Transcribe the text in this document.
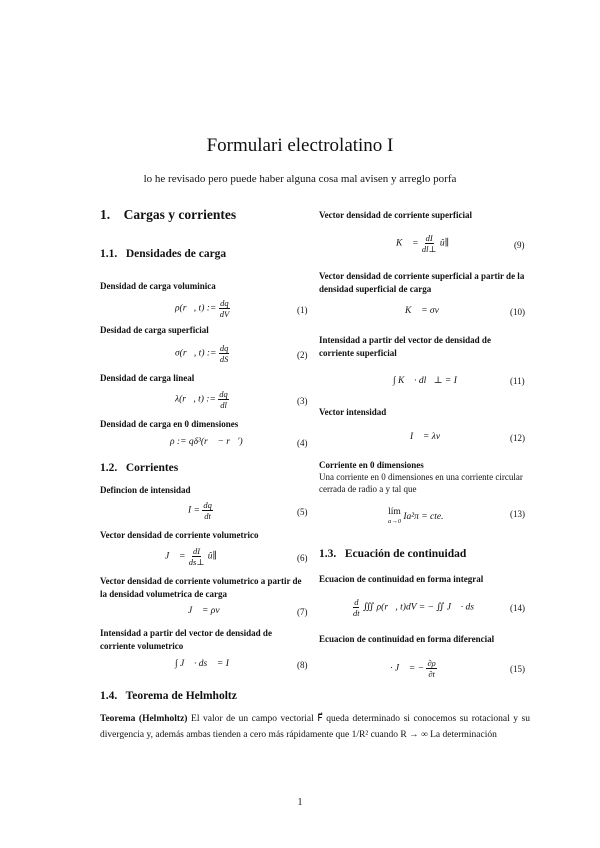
Formulari electrolatino I
lo he revisado pero puede haber alguna cosa mal avisen y arreglo porfa
1. Cargas y corrientes
1.1. Densidades de carga
Densidad de carga voluminica
ρ(r⃗, t) := $\frac{dq}{dV}$	(1)
Desidad de carga superficial
σ(r⃗, t) := $\frac{dq}{dS}$	(2)
Densidad de carga lineal
λ(r⃗, t) := $\frac{dq}{dl}$	(3)
Densidad de carga en 0 dimensiones
ρ := qδ³(r⃗ − r⃗′)	(4)
1.2. Corrientes
Defincion de intensidad
$I = \frac{dq}{dt}$	(5)
Vector densidad de corriente volumetrico
J⃗ = $\frac{dI}{ds\perp}$ û∥	(6)
Vector densidad de corriente volumetrico a partir de la densidad volumetrica de carga
J⃗ = ρv⃗	(7)
Intensidad a partir del vector de densidad de corriente volumetrico
∫ J⃗ · ds⃗ = I	(8)
Vector densidad de corriente superficial
K⃗ = $\frac{dI}{dl\perp}$ û∥	(9)
Vector densidad de corriente superficial a partir de la densidad superficial de carga
K⃗ = σv⃗	(10)
Intensidad a partir del vector de densidad de corriente superficial
∫ K⃗ · dl⃗⊥ = I	(11)
Vector intensidad
I⃗ = λv⃗	(12)
Corriente en 0 dimensiones
Una corriente en 0 dimensiones en una corriente circular cerrada de radio a y tal que
lím
a→0 Ia²π = cte.	(13)
1.3. Ecuación de continuidad
Ecuacion de continuidad en forma integral
$\frac{d}{dt}$ ∭ ρ(r⃗, t)dV = − ∬ J⃗ · ds⃗	(14)
Ecuacion de continuidad en forma diferencial
∇⃗ · J⃗ = − $\frac{\partial\rho}{\partial t}$	(15)
1.4. Teorema de Helmholtz
Teorema (Helmholtz) El valor de un campo vectorial F⃗ queda determinado si conocemos su rotacional y su divergencia y, además ambas tienden a cero más rápidamente que 1/R² cuando R → ∞ La determinación
1
